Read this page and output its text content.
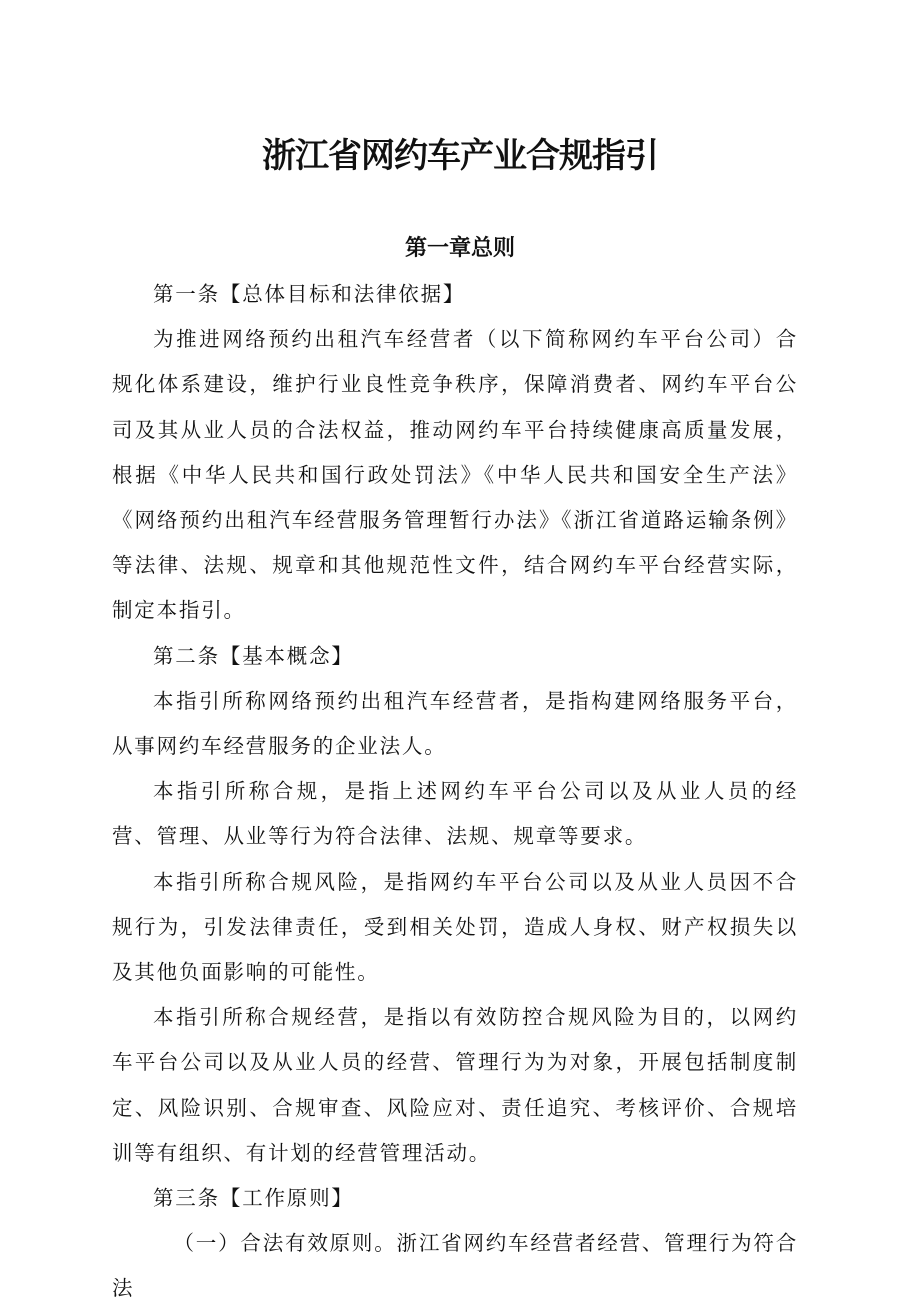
浙江省网约车产业合规指引
第一章总则

第一条【总体目标和法律依据】

为推进网络预约出租汽车经营者（以下简称网约车平台公司）合规化体系建设，维护行业良性竞争秩序，保障消费者、网约车平台公司及其从业人员的合法权益，推动网约车平台持续健康高质量发展，根据《中华人民共和国行政处罚法》《中华人民共和国安全生产法》《网络预约出租汽车经营服务管理暂行办法》《浙江省道路运输条例》等法律、法规、规章和其他规范性文件，结合网约车平台经营实际，制定本指引。

第二条【基本概念】

本指引所称网络预约出租汽车经营者，是指构建网络服务平台，从事网约车经营服务的企业法人。

本指引所称合规，是指上述网约车平台公司以及从业人员的经营、管理、从业等行为符合法律、法规、规章等要求。

本指引所称合规风险，是指网约车平台公司以及从业人员因不合规行为，引发法律责任，受到相关处罚，造成人身权、财产权损失以及其他负面影响的可能性。

本指引所称合规经营，是指以有效防控合规风险为目的，以网约车平台公司以及从业人员的经营、管理行为为对象，开展包括制度制定、风险识别、合规审查、风险应对、责任追究、考核评价、合规培训等有组织、有计划的经营管理活动。

第三条【工作原则】

（一）合法有效原则。浙江省网约车经营者经营、管理行为符合法
